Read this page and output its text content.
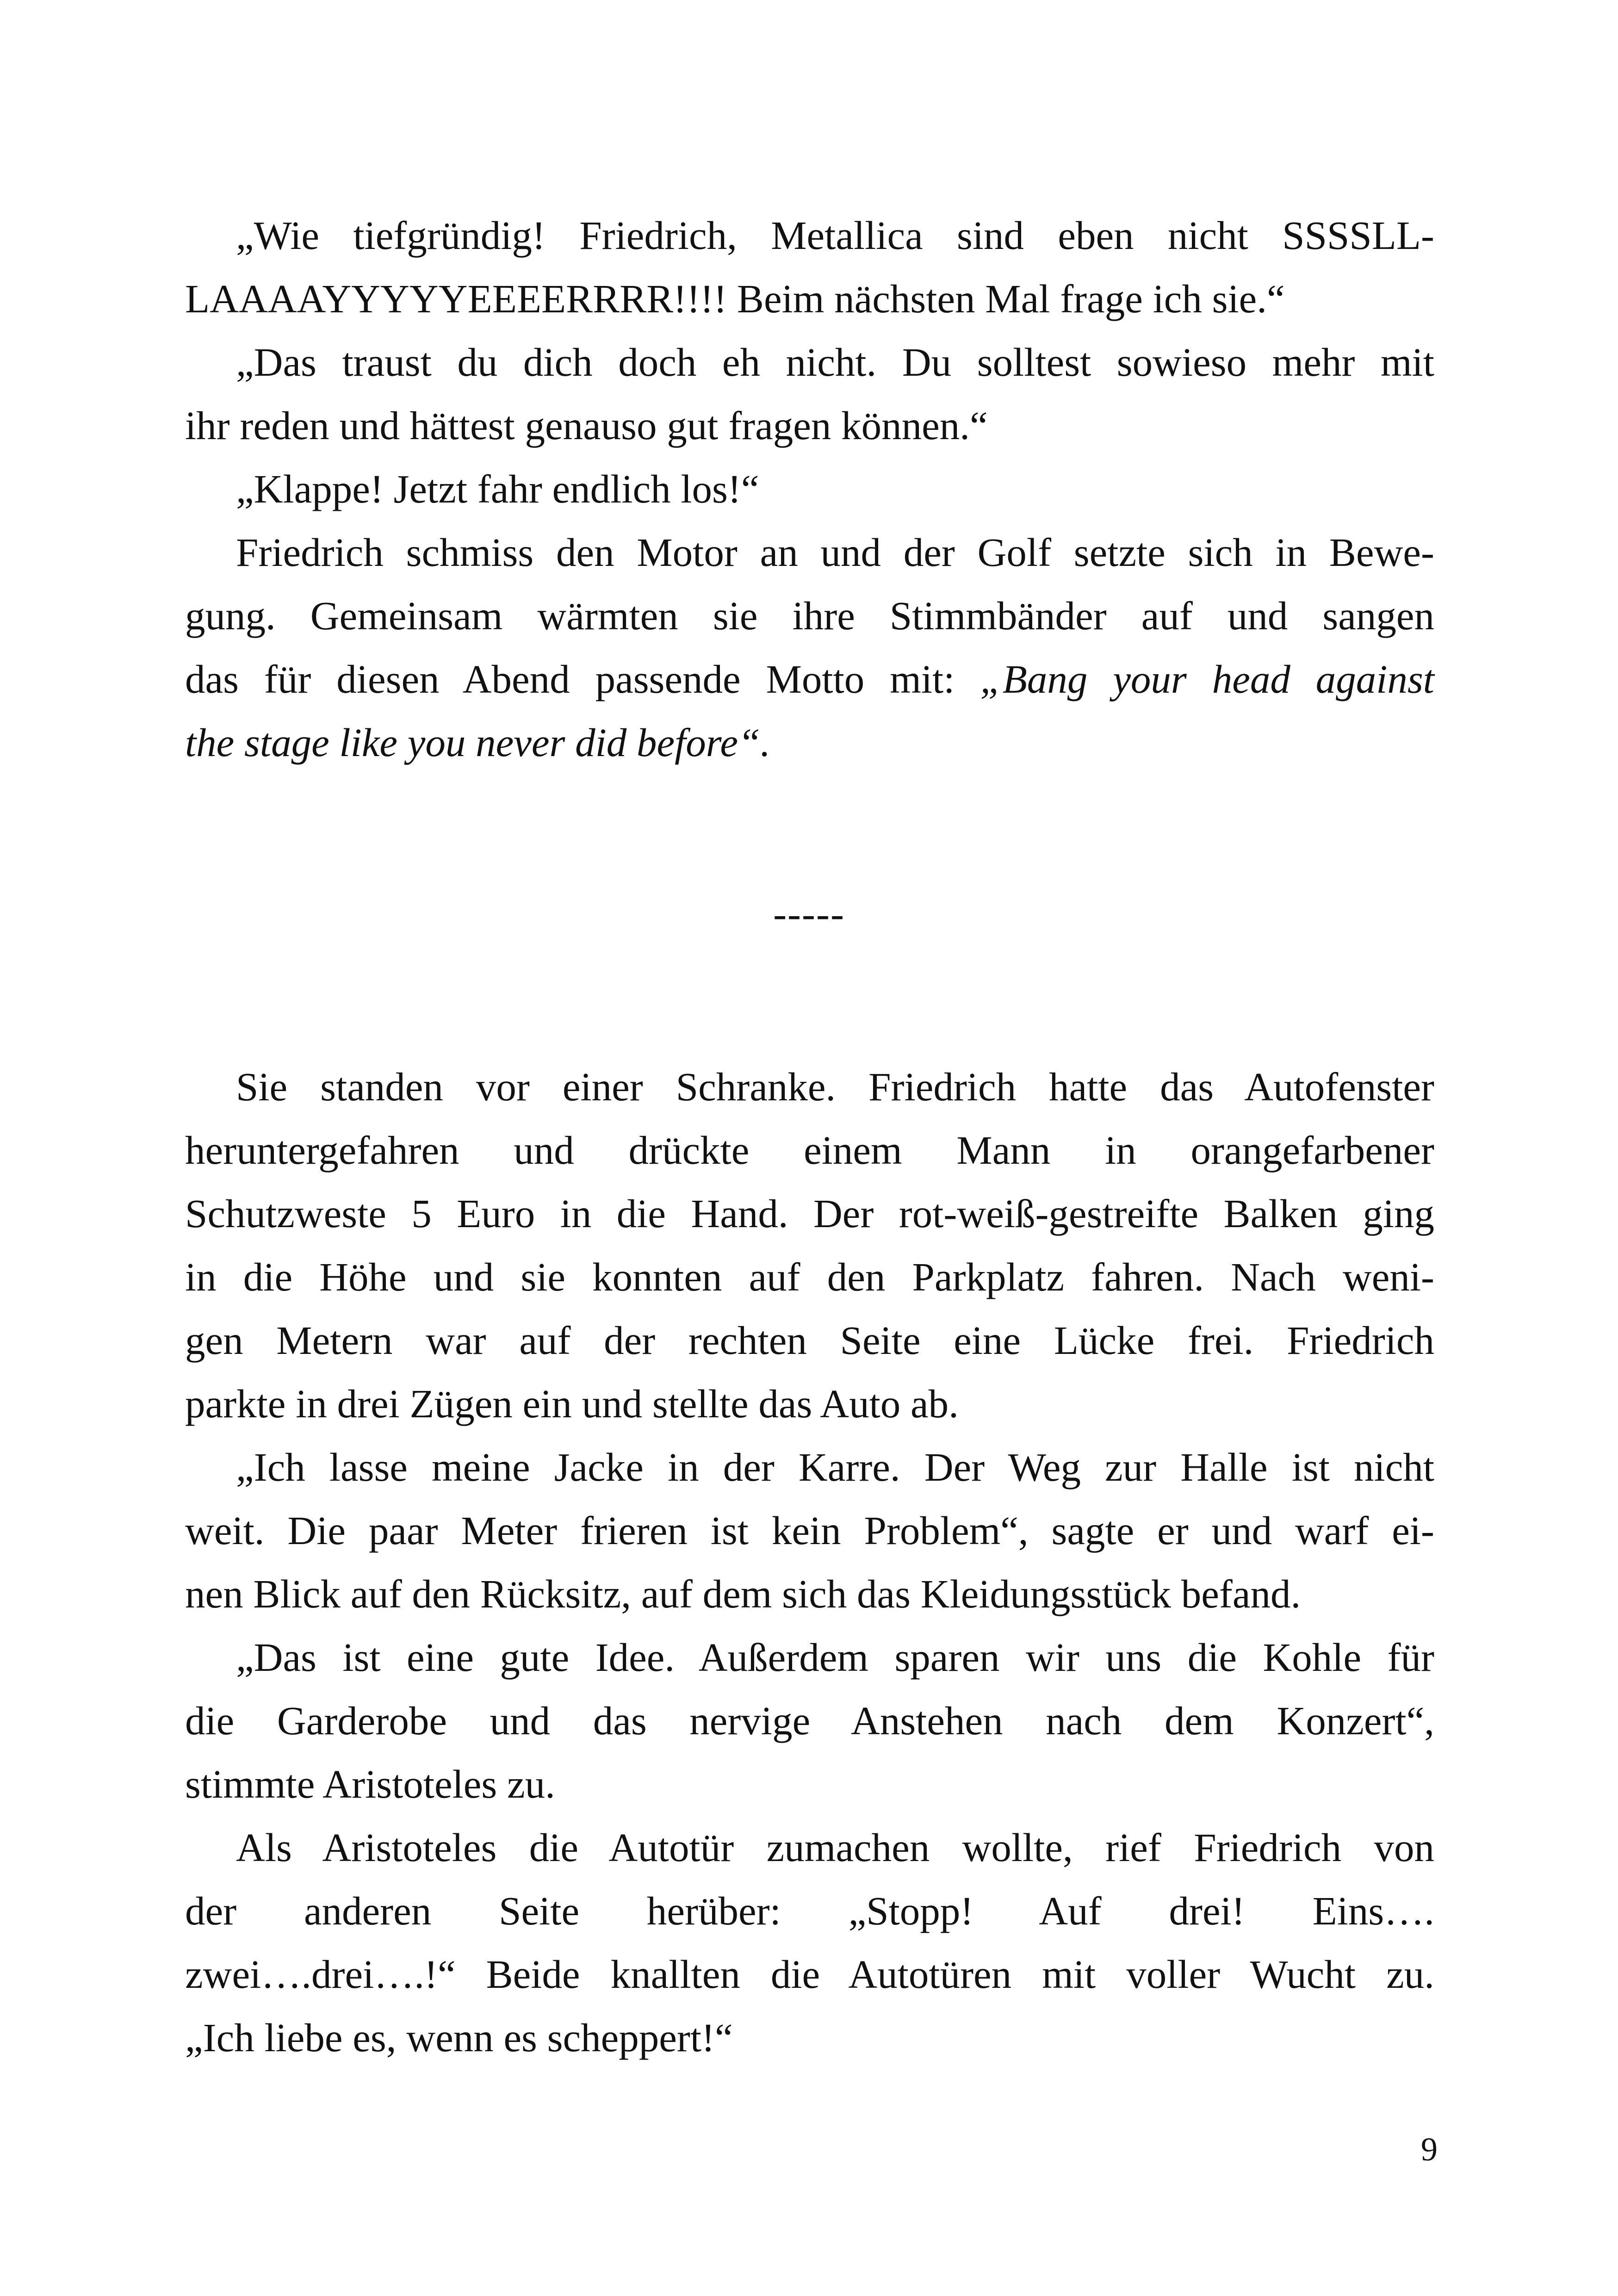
„Wie tiefgründig! Friedrich, Metallica sind eben nicht SSSSLL-
LAAAAYYYYYEEEERRRR!!!! Beim nächsten Mal frage ich sie.“
„Das traust du dich doch eh nicht. Du solltest sowieso mehr mit
ihr reden und hättest genauso gut fragen können.“
„Klappe! Jetzt fahr endlich los!“
Friedrich schmiss den Motor an und der Golf setzte sich in Bewe-
gung. Gemeinsam wärmten sie ihre Stimmbänder auf und sangen
das für diesen Abend passende Motto mit: „Bang your head against
the stage like you never did before“.
-----
Sie standen vor einer Schranke. Friedrich hatte das Autofenster
heruntergefahren und drückte einem Mann in orangefarbener
Schutzweste 5 Euro in die Hand. Der rot-weiß-gestreifte Balken ging
in die Höhe und sie konnten auf den Parkplatz fahren. Nach weni-
gen Metern war auf der rechten Seite eine Lücke frei. Friedrich
parkte in drei Zügen ein und stellte das Auto ab.
„Ich lasse meine Jacke in der Karre. Der Weg zur Halle ist nicht
weit. Die paar Meter frieren ist kein Problem“, sagte er und warf ei-
nen Blick auf den Rücksitz, auf dem sich das Kleidungsstück befand.
„Das ist eine gute Idee. Außerdem sparen wir uns die Kohle für
die Garderobe und das nervige Anstehen nach dem Konzert“,
stimmte Aristoteles zu.
Als Aristoteles die Autotür zumachen wollte, rief Friedrich von
der anderen Seite herüber: „Stopp! Auf drei! Eins….
zwei….drei….!“ Beide knallten die Autotüren mit voller Wucht zu.
„Ich liebe es, wenn es scheppert!“
9
